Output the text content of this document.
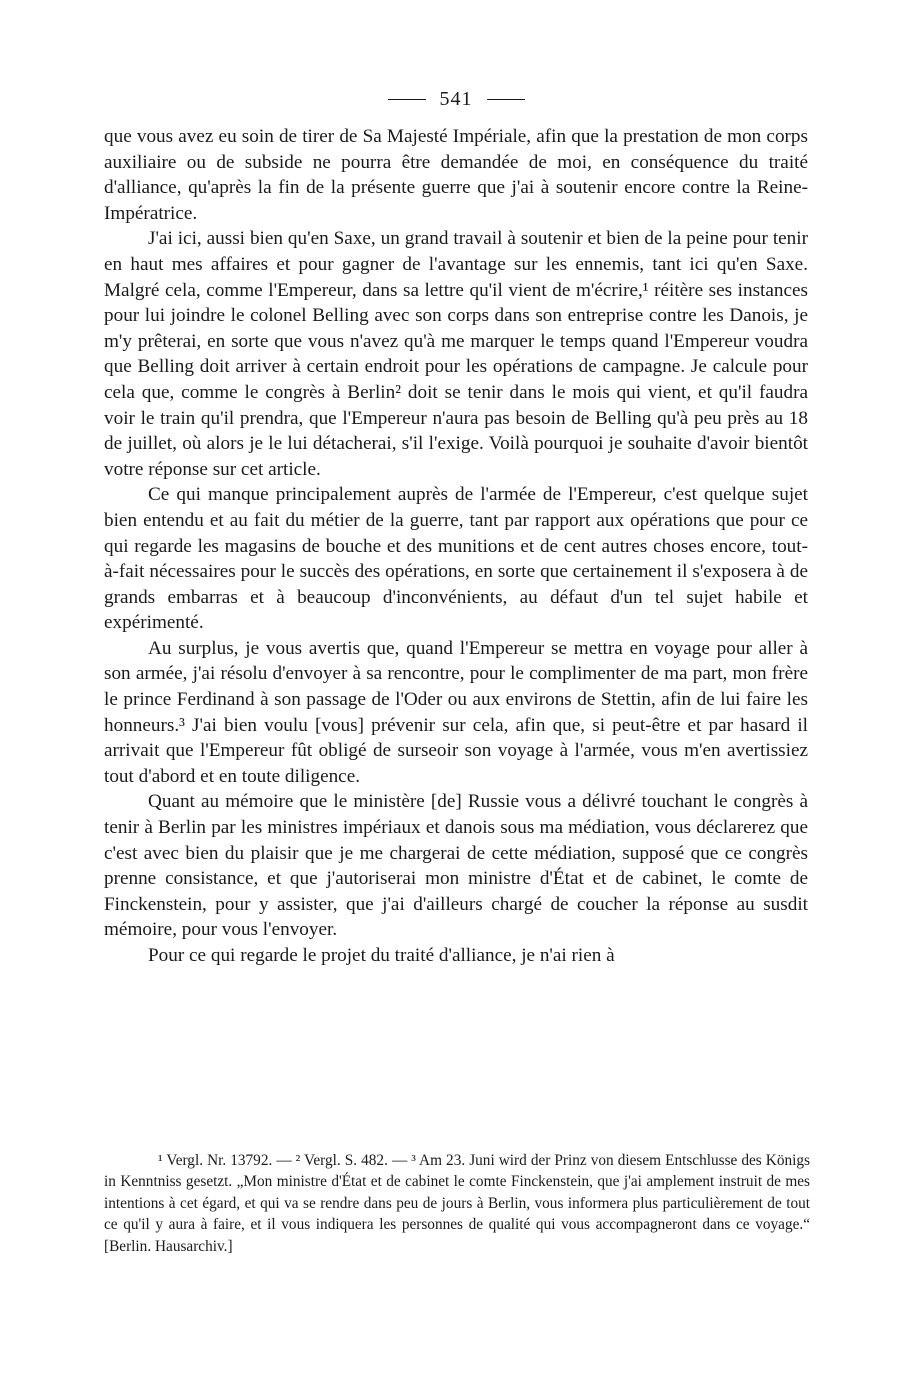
541

que vous avez eu soin de tirer de Sa Majesté Impériale, afin que la prestation de mon corps auxiliaire ou de subside ne pourra être demandée de moi, en conséquence du traité d'alliance, qu'après la fin de la présente guerre que j'ai à soutenir encore contre la Reine-Impératrice.

J'ai ici, aussi bien qu'en Saxe, un grand travail à soutenir et bien de la peine pour tenir en haut mes affaires et pour gagner de l'avantage sur les ennemis, tant ici qu'en Saxe. Malgré cela, comme l'Empereur, dans sa lettre qu'il vient de m'écrire,¹ réitère ses instances pour lui joindre le colonel Belling avec son corps dans son entreprise contre les Danois, je m'y prêterai, en sorte que vous n'avez qu'à me marquer le temps quand l'Empereur voudra que Belling doit arriver à certain endroit pour les opérations de campagne. Je calcule pour cela que, comme le congrès à Berlin² doit se tenir dans le mois qui vient, et qu'il faudra voir le train qu'il prendra, que l'Empereur n'aura pas besoin de Belling qu'à peu près au 18 de juillet, où alors je le lui détacherai, s'il l'exige. Voilà pourquoi je souhaite d'avoir bientôt votre réponse sur cet article.

Ce qui manque principalement auprès de l'armée de l'Empereur, c'est quelque sujet bien entendu et au fait du métier de la guerre, tant par rapport aux opérations que pour ce qui regarde les magasins de bouche et des munitions et de cent autres choses encore, tout-à-fait nécessaires pour le succès des opérations, en sorte que certainement il s'exposera à de grands embarras et à beaucoup d'inconvénients, au défaut d'un tel sujet habile et expérimenté.

Au surplus, je vous avertis que, quand l'Empereur se mettra en voyage pour aller à son armée, j'ai résolu d'envoyer à sa rencontre, pour le complimenter de ma part, mon frère le prince Ferdinand à son passage de l'Oder ou aux environs de Stettin, afin de lui faire les honneurs.³ J'ai bien voulu [vous] prévenir sur cela, afin que, si peut-être et par hasard il arrivait que l'Empereur fût obligé de surseoir son voyage à l'armée, vous m'en avertissiez tout d'abord et en toute diligence.

Quant au mémoire que le ministère [de] Russie vous a délivré touchant le congrès à tenir à Berlin par les ministres impériaux et danois sous ma médiation, vous déclarerez que c'est avec bien du plaisir que je me chargerai de cette médiation, supposé que ce congrès prenne consistance, et que j'autoriserai mon ministre d'État et de cabinet, le comte de Finckenstein, pour y assister, que j'ai d'ailleurs chargé de coucher la réponse au susdit mémoire, pour vous l'envoyer.

Pour ce qui regarde le projet du traité d'alliance, je n'ai rien à

¹ Vergl. Nr. 13792. — ² Vergl. S. 482. — ³ Am 23. Juni wird der Prinz von diesem Entschlusse des Königs in Kenntniss gesetzt. „Mon ministre d'État et de cabinet le comte Finckenstein, que j'ai amplement instruit de mes intentions à cet égard, et qui va se rendre dans peu de jours à Berlin, vous informera plus particulièrement de tout ce qu'il y aura à faire, et il vous indiquera les personnes de qualité qui vous accompagneront dans ce voyage.“ [Berlin. Hausarchiv.]
